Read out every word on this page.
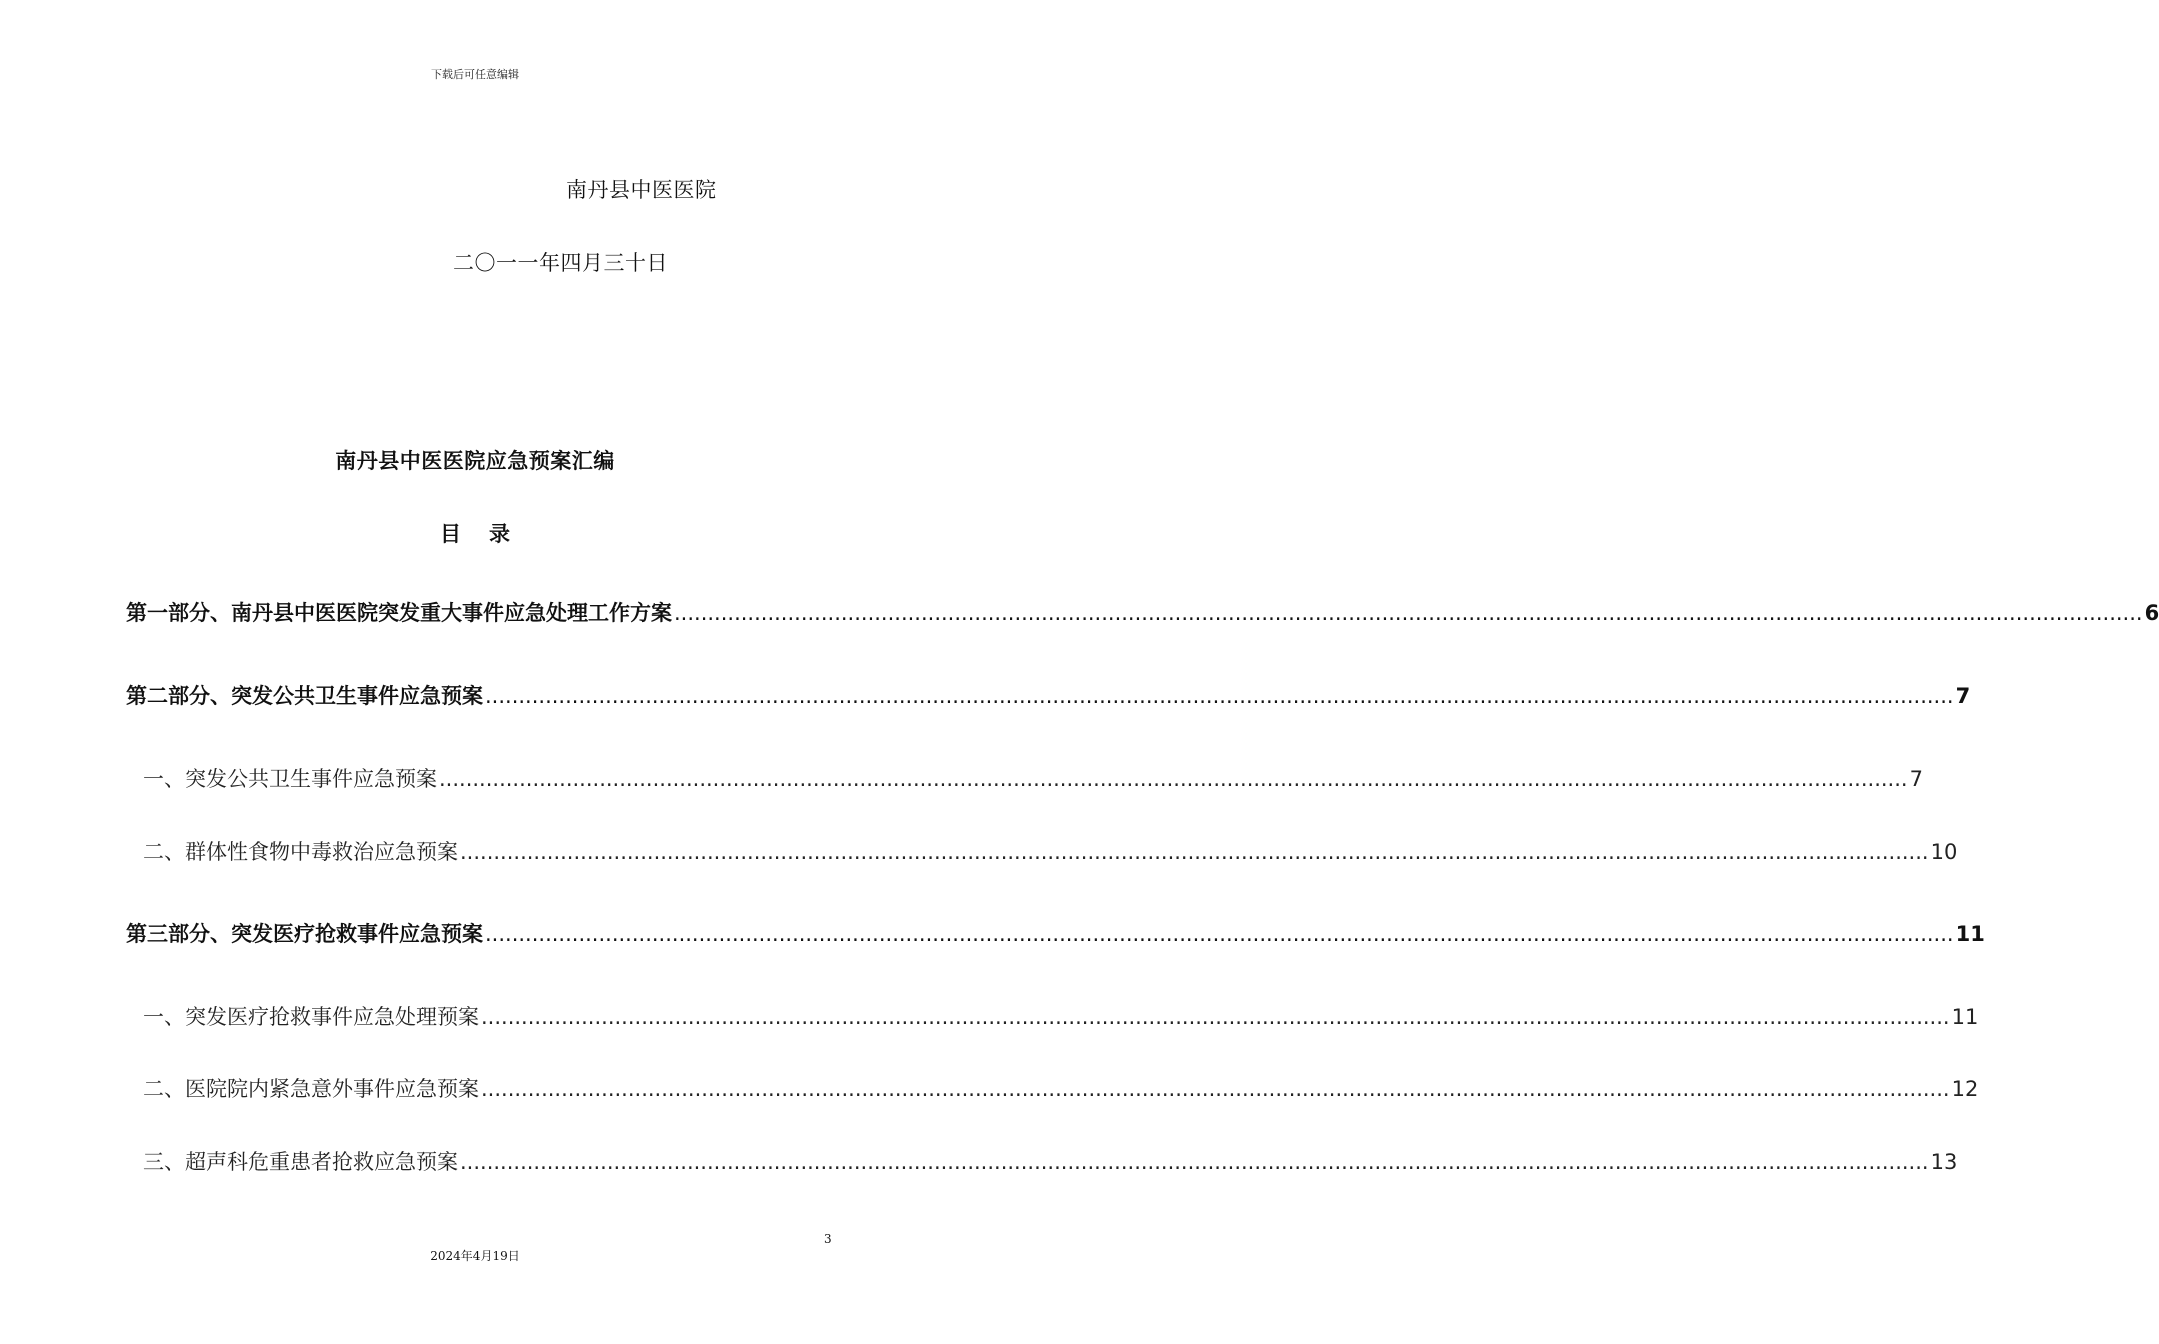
下载后可任意编辑
南丹县中医医院
二〇一一年四月三十日
南丹县中医医院应急预案汇编
目录
第一部分、南丹县中医医院突发重大事件应急处理工作方案 ............................................................................................................................................................................................................................ 6
第二部分、突发公共卫生事件应急预案 ............................................................................................................................................................................................................................ 7
一、突发公共卫生事件应急预案 ............................................................................................................................................................................................................................ 7
二、群体性食物中毒救治应急预案 ............................................................................................................................................................................................................................ 10
第三部分、突发医疗抢救事件应急预案 ............................................................................................................................................................................................................................ 11
一、突发医疗抢救事件应急处理预案 ............................................................................................................................................................................................................................ 11
二、医院院内紧急意外事件应急预案 ............................................................................................................................................................................................................................ 12
三、超声科危重患者抢救应急预案 ............................................................................................................................................................................................................................ 13
3
2024年4月19日
